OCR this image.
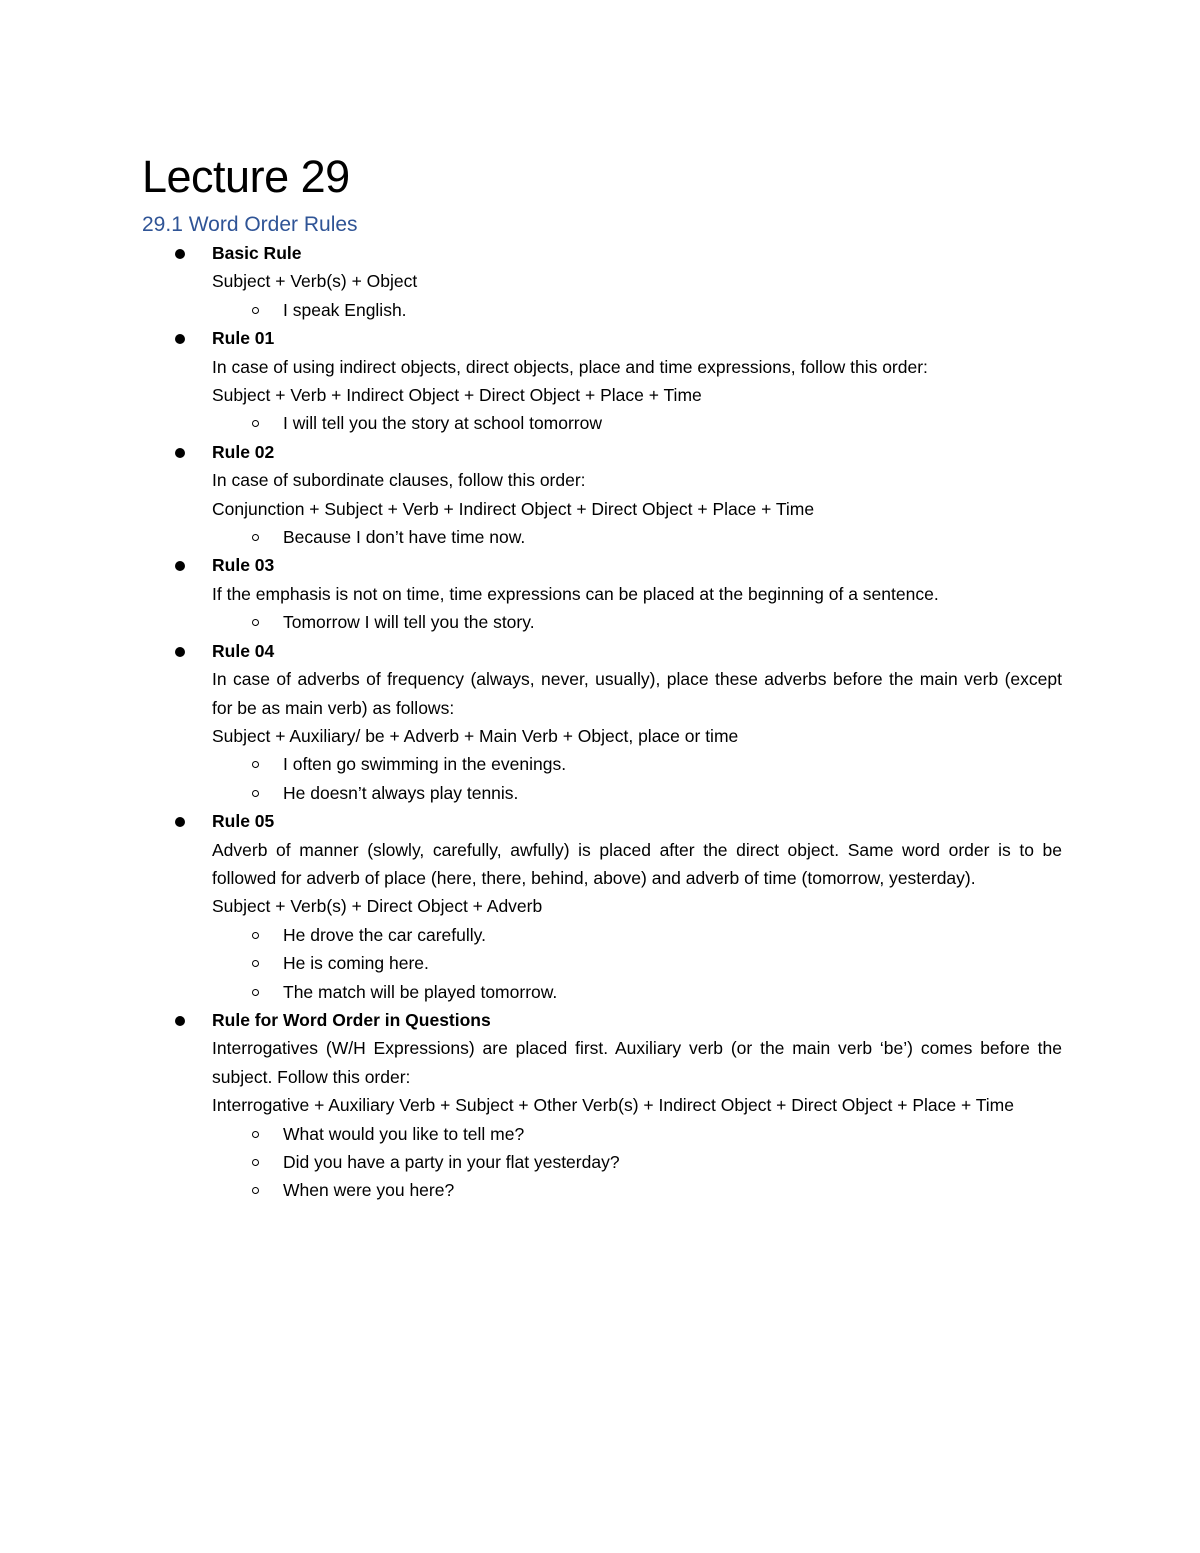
Lecture 29
29.1 Word Order Rules

Basic Rule

Subject + Verb(s) + Object

I speak English.

Rule 01

In case of using indirect objects, direct objects, place and time expressions, follow this order:

Subject + Verb + Indirect Object + Direct Object + Place + Time

I will tell you the story at school tomorrow

Rule 02

In case of subordinate clauses, follow this order:

Conjunction + Subject + Verb + Indirect Object + Direct Object + Place + Time

Because I don’t have time now.

Rule 03

If the emphasis is not on time, time expressions can be placed at the beginning of a sentence.

Tomorrow I will tell you the story.

Rule 04

In case of adverbs of frequency (always, never, usually), place these adverbs before the main verb (except for be as main verb) as follows:

Subject + Auxiliary/ be + Adverb + Main Verb + Object, place or time

I often go swimming in the evenings.

He doesn’t always play tennis.

Rule 05

Adverb of manner (slowly, carefully, awfully) is placed after the direct object. Same word order is to be followed for adverb of place (here, there, behind, above) and adverb of time (tomorrow, yesterday).

Subject + Verb(s) + Direct Object + Adverb

He drove the car carefully.

He is coming here.

The match will be played tomorrow.

Rule for Word Order in Questions

Interrogatives (W/H Expressions) are placed first. Auxiliary verb (or the main verb ‘be’) comes before the subject. Follow this order:

Interrogative + Auxiliary Verb + Subject + Other Verb(s) + Indirect Object + Direct Object + Place + Time

What would you like to tell me?

Did you have a party in your flat yesterday?

When were you here?
